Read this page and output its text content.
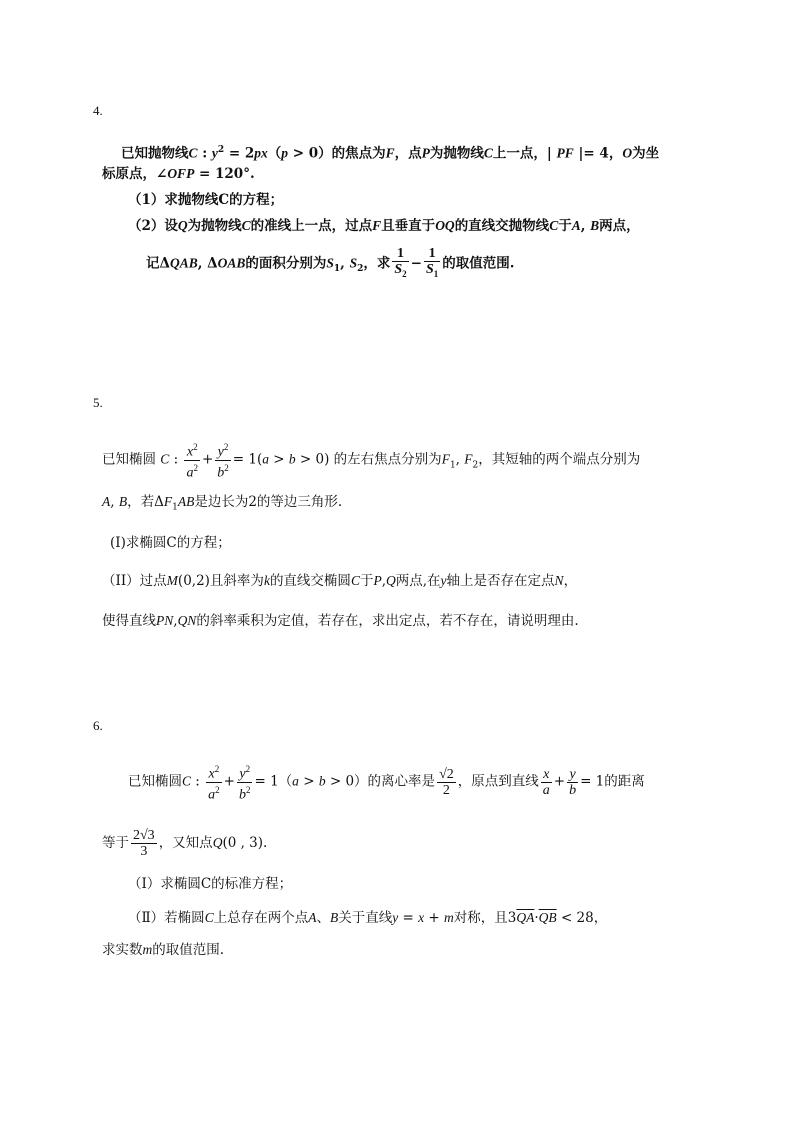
4.
已知抛物线C : $y^2 = 2px(p > 0)$的焦点为F，点P为抛物线C上一点，| PF |= 4，O为坐
标原点，∠OFP = 120°.
（1）求抛物线C的方程；
（2）设Q为抛物线C的准线上一点，过点F且垂直于OQ的直线交抛物线C于A, B两点，
记ΔQAB, ΔOAB的面积分别为$S_1$, $S_2$，求 $\frac{1}{S_2} - \frac{1}{S_1}$ 的取值范围.
5.
已知椭圆 C : $\frac{x^2}{a^2} + \frac{y^2}{b^2} = 1(a > b > 0)$ 的左右焦点分别为$F_1$, $F_2$，其短轴的两个端点分别为
A, B，若$\Delta F_1AB$是边长为2的等边三角形.
(I)求椭圆C的方程；
（II）过点M(0,2)且斜率为k的直线交椭圆C于P,Q两点,在y轴上是否存在定点N，
使得直线PN,QN的斜率乘积为定值，若存在，求出定点，若不存在，请说明理由.
6.
已知椭圆C : $\frac{x^2}{a^2} + \frac{y^2}{b^2} = 1(a > b > 0)$的离心率是 $\frac{√2}{2}$ ，原点到直线 $\frac{x}{a} + \frac{y}{b} = 1$的距离
等于 $\frac{2√3}{3}$ ，又知点Q(0 , 3).
（Ⅰ）求椭圆C的标准方程；
（Ⅱ）若椭圆C上总存在两个点A、B关于直线y = x + m对称，且$3\overline{QA}\cdot\overline{QB} < 28$，
求实数m的取值范围.
